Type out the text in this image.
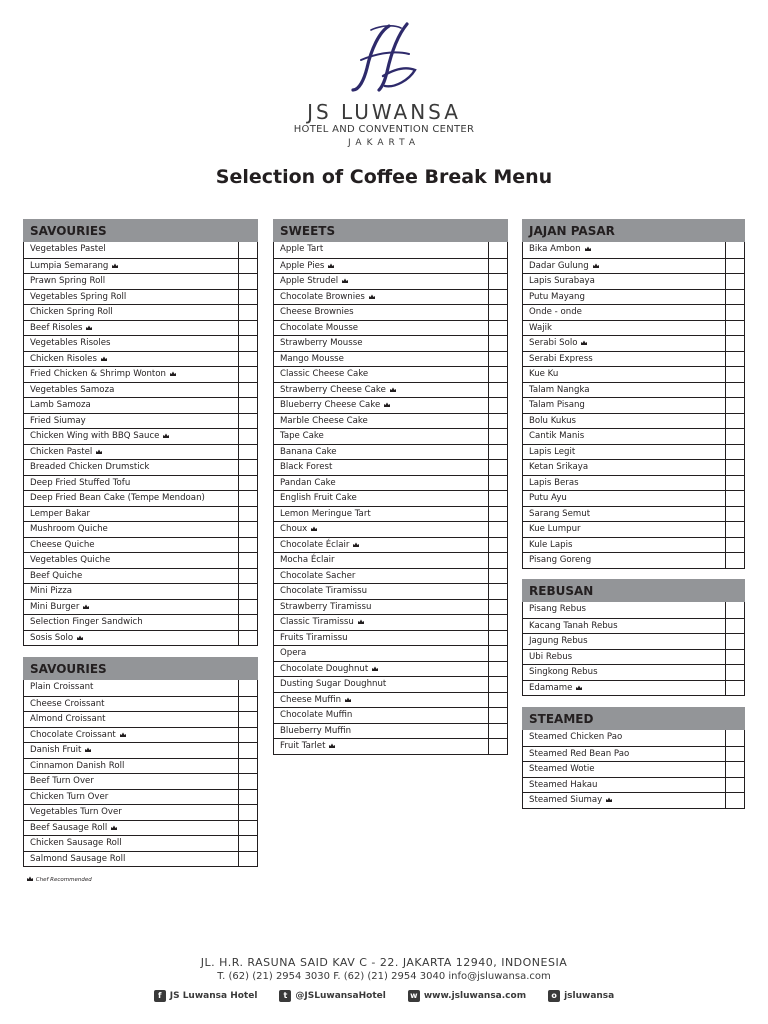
JS LUWANSA
HOTEL AND CONVENTION CENTER
JAKARTA
Selection of Coffee Break Menu
SAVOURIES
Vegetables Pastel
Lumpia Semarang
Prawn Spring Roll
Vegetables Spring Roll
Chicken Spring Roll
Beef Risoles
Vegetables Risoles
Chicken Risoles
Fried Chicken & Shrimp Wonton
Vegetables Samoza
Lamb Samoza
Fried Siumay
Chicken Wing with BBQ Sauce
Chicken Pastel
Breaded Chicken Drumstick
Deep Fried Stuffed Tofu
Deep Fried Bean Cake (Tempe Mendoan)
Lemper Bakar
Mushroom Quiche
Cheese Quiche
Vegetables Quiche
Beef Quiche
Mini Pizza
Mini Burger
Selection Finger Sandwich
Sosis Solo
SAVOURIES
Plain Croissant
Cheese Croissant
Almond Croissant
Chocolate Croissant
Danish Fruit
Cinnamon Danish Roll
Beef Turn Over
Chicken Turn Over
Vegetables Turn Over
Beef Sausage Roll
Chicken Sausage Roll
Salmond Sausage Roll
SWEETS
Apple Tart
Apple Pies
Apple Strudel
Chocolate Brownies
Cheese Brownies
Chocolate Mousse
Strawberry Mousse
Mango Mousse
Classic Cheese Cake
Strawberry Cheese Cake
Blueberry Cheese Cake
Marble Cheese Cake
Tape Cake
Banana Cake
Black Forest
Pandan Cake
English Fruit Cake
Lemon Meringue Tart
Choux
Chocolate Éclair
Mocha Éclair
Chocolate Sacher
Chocolate Tiramissu
Strawberry Tiramissu
Classic Tiramissu
Fruits Tiramissu
Opera
Chocolate Doughnut
Dusting Sugar Doughnut
Cheese Muffin
Chocolate Muffin
Blueberry Muffin
Fruit Tarlet
JAJAN PASAR
Bika Ambon
Dadar Gulung
Lapis Surabaya
Putu Mayang
Onde - onde
Wajik
Serabi Solo
Serabi Express
Kue Ku
Talam Nangka
Talam Pisang
Bolu Kukus
Cantik Manis
Lapis Legit
Ketan Srikaya
Lapis Beras
Putu Ayu
Sarang Semut
Kue Lumpur
Kule Lapis
Pisang Goreng
REBUSAN
Pisang Rebus
Kacang Tanah Rebus
Jagung Rebus
Ubi Rebus
Singkong Rebus
Edamame
STEAMED
Steamed Chicken Pao
Steamed Red Bean Pao
Steamed Wotie
Steamed Hakau
Steamed Siumay
Chef Recommended
JL. H.R. RASUNA SAID KAV C - 22. JAKARTA 12940, INDONESIA
T. (62) (21) 2954 3030 F. (62) (21) 2954 3040 info@jsluwansa.com
f JS Luwansa Hotel	t @JSLuwansaHotel	w www.jsluwansa.com	o jsluwansa
